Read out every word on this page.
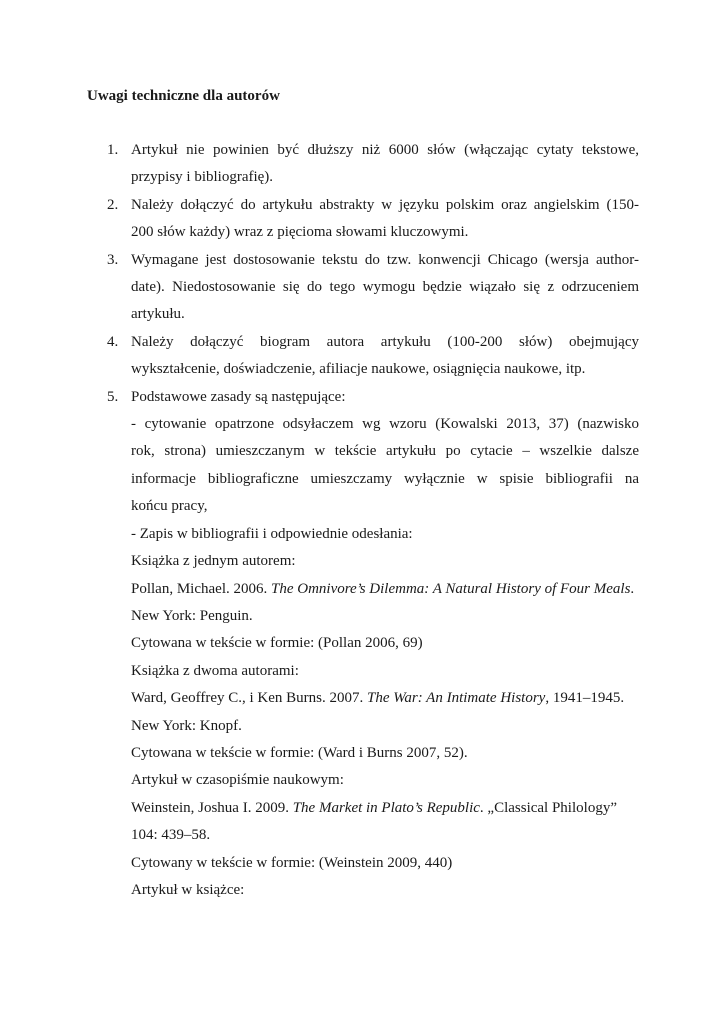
Uwagi techniczne dla autorów
1. Artykuł nie powinien być dłuższy niż 6000 słów (włączając cytaty tekstowe,
przypisy i bibliografię).
2. Należy dołączyć do artykułu abstrakty w języku polskim oraz angielskim (150-
200 słów każdy) wraz z pięcioma słowami kluczowymi.
3. Wymagane jest dostosowanie tekstu do tzw. konwencji Chicago (wersja author-
date). Niedostosowanie się do tego wymogu będzie wiązało się z odrzuceniem
artykułu.
4. Należy dołączyć biogram autora artykułu (100-200 słów) obejmujący
wykształcenie, doświadczenie, afiliacje naukowe, osiągnięcia naukowe, itp.
5. Podstawowe zasady są następujące:
- cytowanie opatrzone odsyłaczem wg wzoru (Kowalski 2013, 37) (nazwisko
rok, strona) umieszczanym w tekście artykułu po cytacie – wszelkie dalsze
informacje bibliograficzne umieszczamy wyłącznie w spisie bibliografii na
końcu pracy,
- Zapis w bibliografii i odpowiednie odesłania:
Książka z jednym autorem:
Pollan, Michael. 2006. The Omnivore’s Dilemma: A Natural History of Four Meals.
New York: Penguin.
Cytowana w tekście w formie: (Pollan 2006, 69)
Książka z dwoma autorami:
Ward, Geoffrey C., i Ken Burns. 2007. The War: An Intimate History, 1941–1945.
New York: Knopf.
Cytowana w tekście w formie: (Ward i Burns 2007, 52).
Artykuł w czasopiśmie naukowym:
Weinstein, Joshua I. 2009. The Market in Plato’s Republic. „Classical Philology”
104: 439–58.
Cytowany w tekście w formie: (Weinstein 2009, 440)
Artykuł w książce:
